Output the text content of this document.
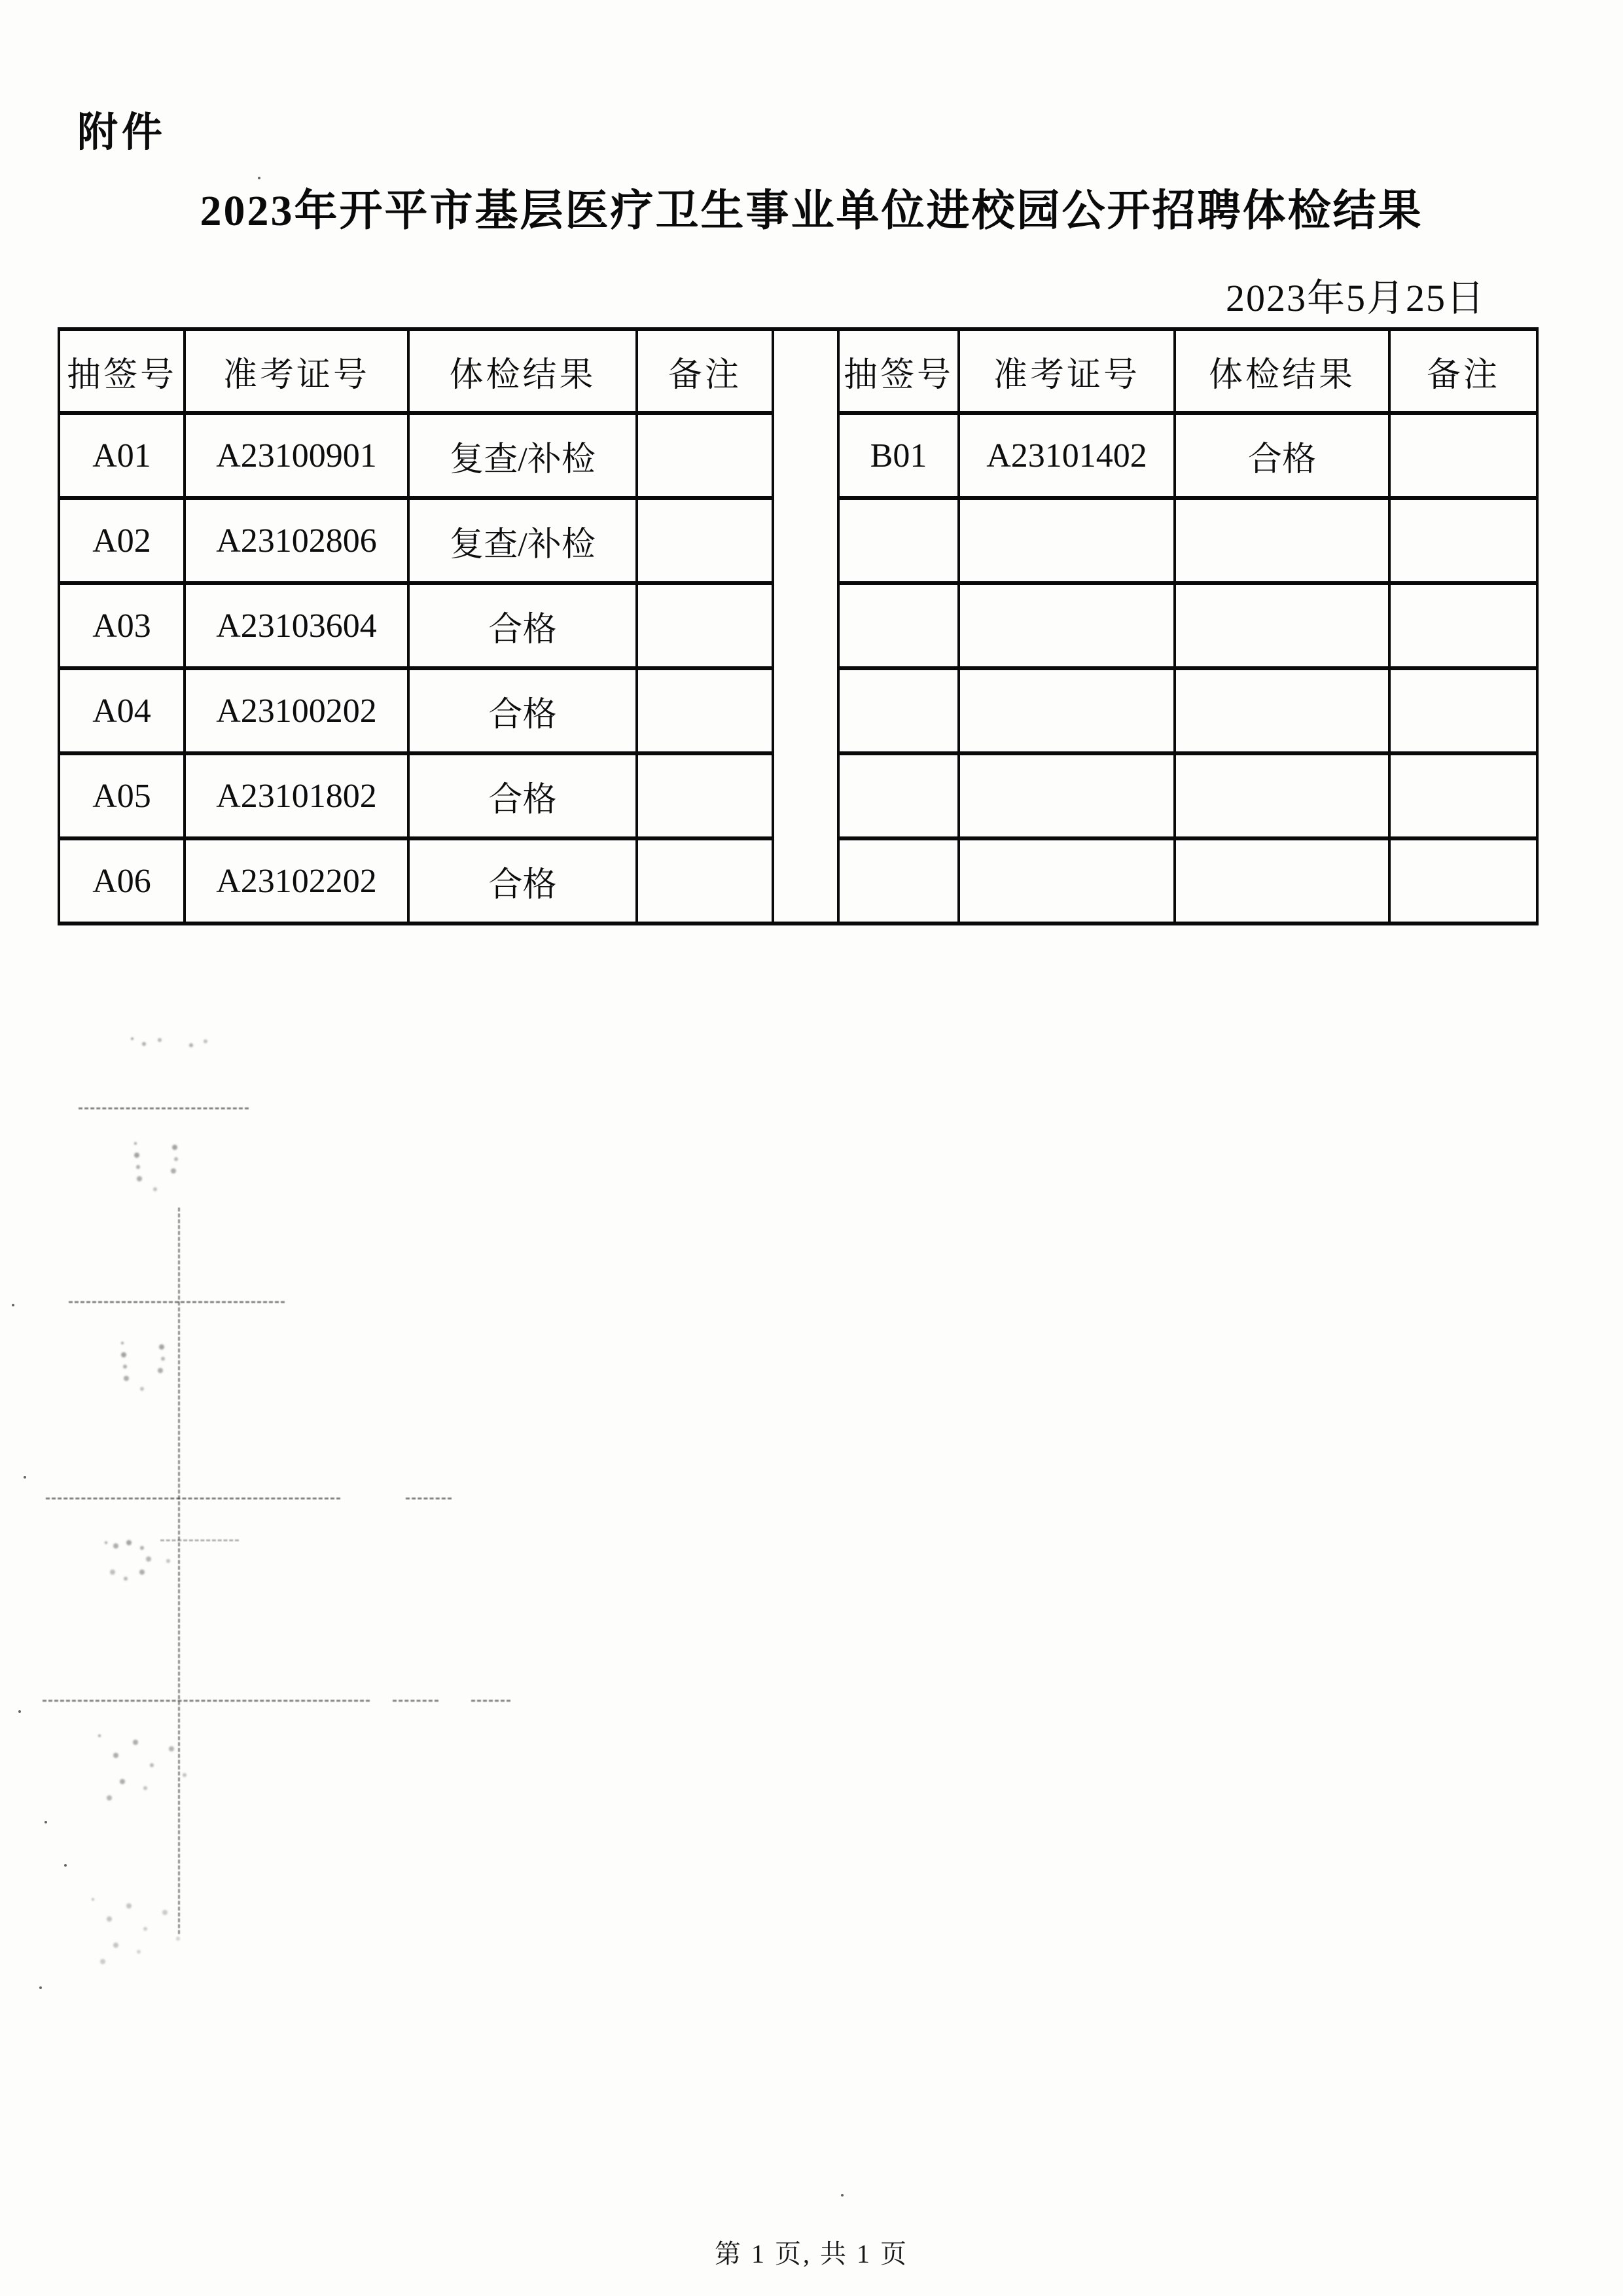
附件
2023年开平市基层医疗卫生事业单位进校园公开招聘体检结果
2023年5月25日
抽签号	准考证号	体检结果	备注
A01	A23100901	复查/补检	
A02	A23102806	复查/补检	
A03	A23103604	合格	
A04	A23100202	合格	
A05	A23101802	合格	
A06	A23102202	合格	
抽签号	准考证号	体检结果	备注
B01	A23101402	合格	

第 1 页, 共 1 页
